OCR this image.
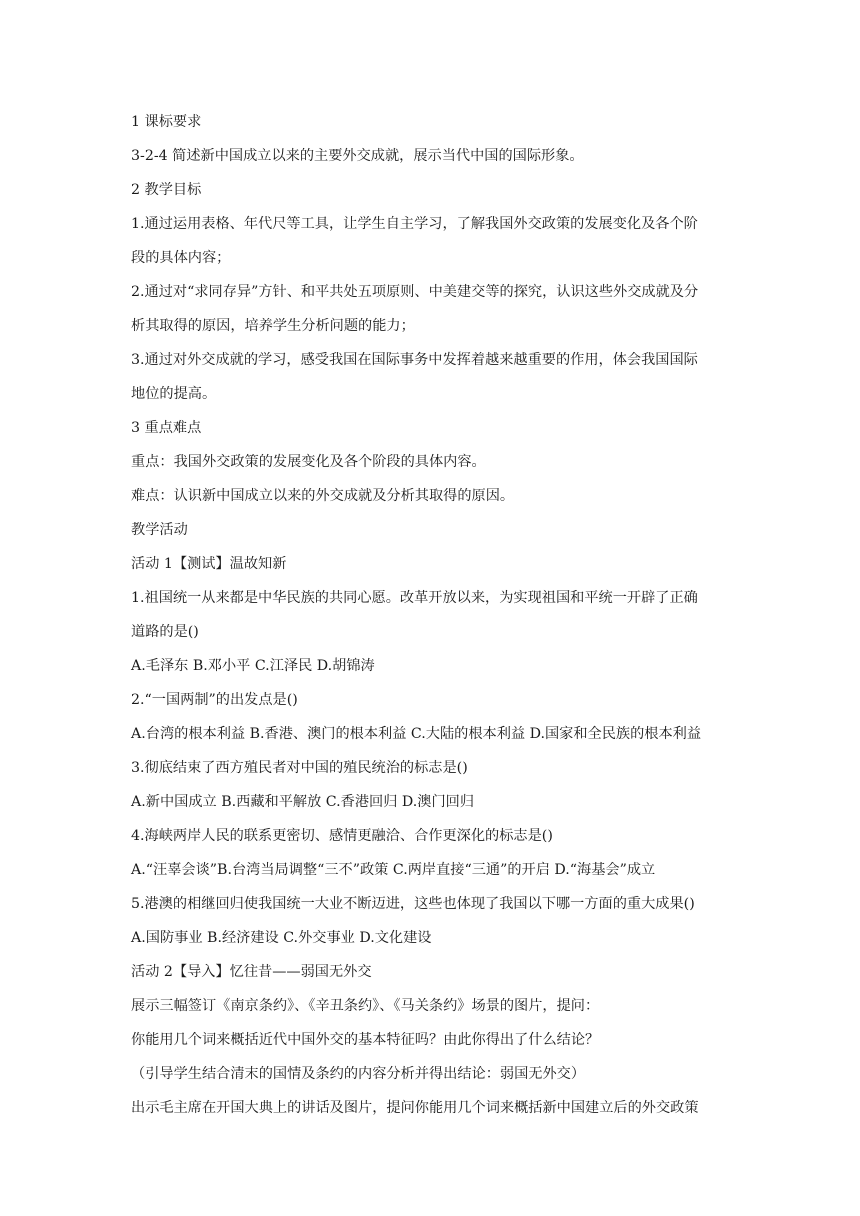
1 课标要求
3-2-4 简述新中国成立以来的主要外交成就，展示当代中国的国际形象。
2 教学目标
1.通过运用表格、年代尺等工具，让学生自主学习，了解我国外交政策的发展变化及各个阶
段的具体内容；
2.通过对“求同存异”方针、和平共处五项原则、中美建交等的探究，认识这些外交成就及分
析其取得的原因，培养学生分析问题的能力；
3.通过对外交成就的学习，感受我国在国际事务中发挥着越来越重要的作用，体会我国国际
地位的提高。
3 重点难点
重点：我国外交政策的发展变化及各个阶段的具体内容。
难点：认识新中国成立以来的外交成就及分析其取得的原因。
教学活动
活动 1【测试】温故知新
1.祖国统一从来都是中华民族的共同心愿。改革开放以来，为实现祖国和平统一开辟了正确
道路的是()
A.毛泽东 B.邓小平 C.江泽民 D.胡锦涛
2.“一国两制”的出发点是()
A.台湾的根本利益 B.香港、澳门的根本利益 C.大陆的根本利益 D.国家和全民族的根本利益
3.彻底结束了西方殖民者对中国的殖民统治的标志是()
A.新中国成立 B.西藏和平解放 C.香港回归 D.澳门回归
4.海峡两岸人民的联系更密切、感情更融洽、合作更深化的标志是()
A.“汪辜会谈”B.台湾当局调整“三不”政策 C.两岸直接“三通”的开启 D.“海基会”成立
5.港澳的相继回归使我国统一大业不断迈进，这些也体现了我国以下哪一方面的重大成果()
A.国防事业 B.经济建设 C.外交事业 D.文化建设
活动 2【导入】忆往昔——弱国无外交
展示三幅签订《南京条约》、《辛丑条约》、《马关条约》场景的图片，提问：
你能用几个词来概括近代中国外交的基本特征吗？由此你得出了什么结论？
（引导学生结合清末的国情及条约的内容分析并得出结论：弱国无外交）
出示毛主席在开国大典上的讲话及图片，提问你能用几个词来概括新中国建立后的外交政策
